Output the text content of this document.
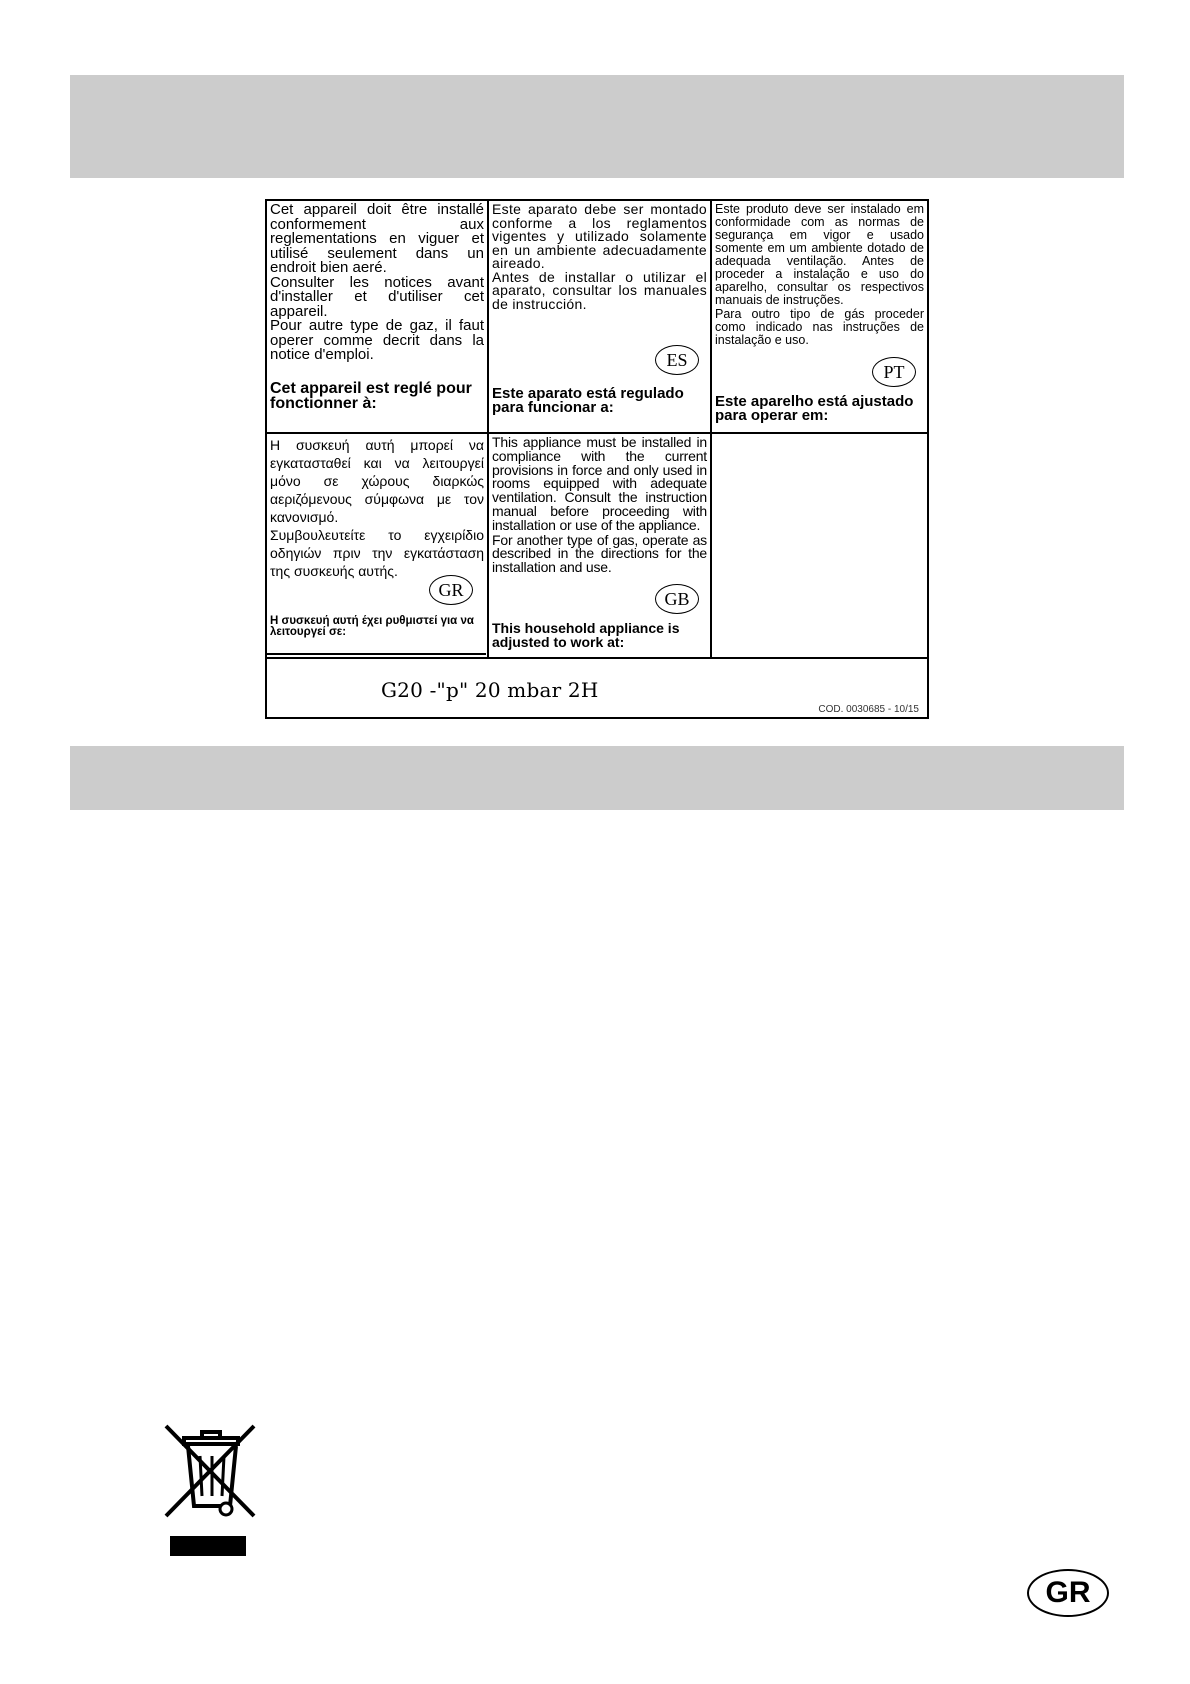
Cet appareil doit être installé conformement aux reglementations en viguer et utilisé seulement dans un endroit bien aeré.

Consulter les notices avant d'installer et d'utiliser cet appareil.

Pour autre type de gaz, il faut operer comme decrit dans la notice d'emploi.

Cet appareil est reglé pour fonctionner à:

Este aparato debe ser montado conforme a los reglamentos vigentes y utilizado solamente en un ambiente adecuadamente aireado.

Antes de installar o utilizar el aparato, consultar los manuales de instrucción.

ES

Este aparato está regulado para funcionar a:

Este produto deve ser instalado em conformidade com as normas de segurança em vigor e usado somente em um ambiente dotado de adequada ventilação. Antes de proceder a instalação e uso do aparelho, consultar os respectivos manuais de instruções.

Para outro tipo de gás proceder como indicado nas instruções de instalação e uso.

PT

Este aparelho está ajustado para operar em:

Η συσκευή αυτή μπορεί να εγκατασταθεί και να λειτουργεί μόνο σε χώρους διαρκώς αεριζόμενους σύμφωνα με τον κανονισμό.

Συμβουλευτείτε το εγχειρίδιο οδηγιών πριν την εγκατάσταση της συσκευής αυτής.

GR

Η συσκευή αυτή έχει ρυθμιστεί για να λειτουργεί σε:

This appliance must be installed in compliance with the current provisions in force and only used in rooms equipped with adequate ventilation. Consult the instruction manual before proceeding with installation or use of the appliance.

For another type of gas, operate as described in the directions for the installation and use.

GB

This household appliance is adjusted to work at:

G20 -"p" 20 mbar 2H
COD. 0030685 - 10/15
GR
